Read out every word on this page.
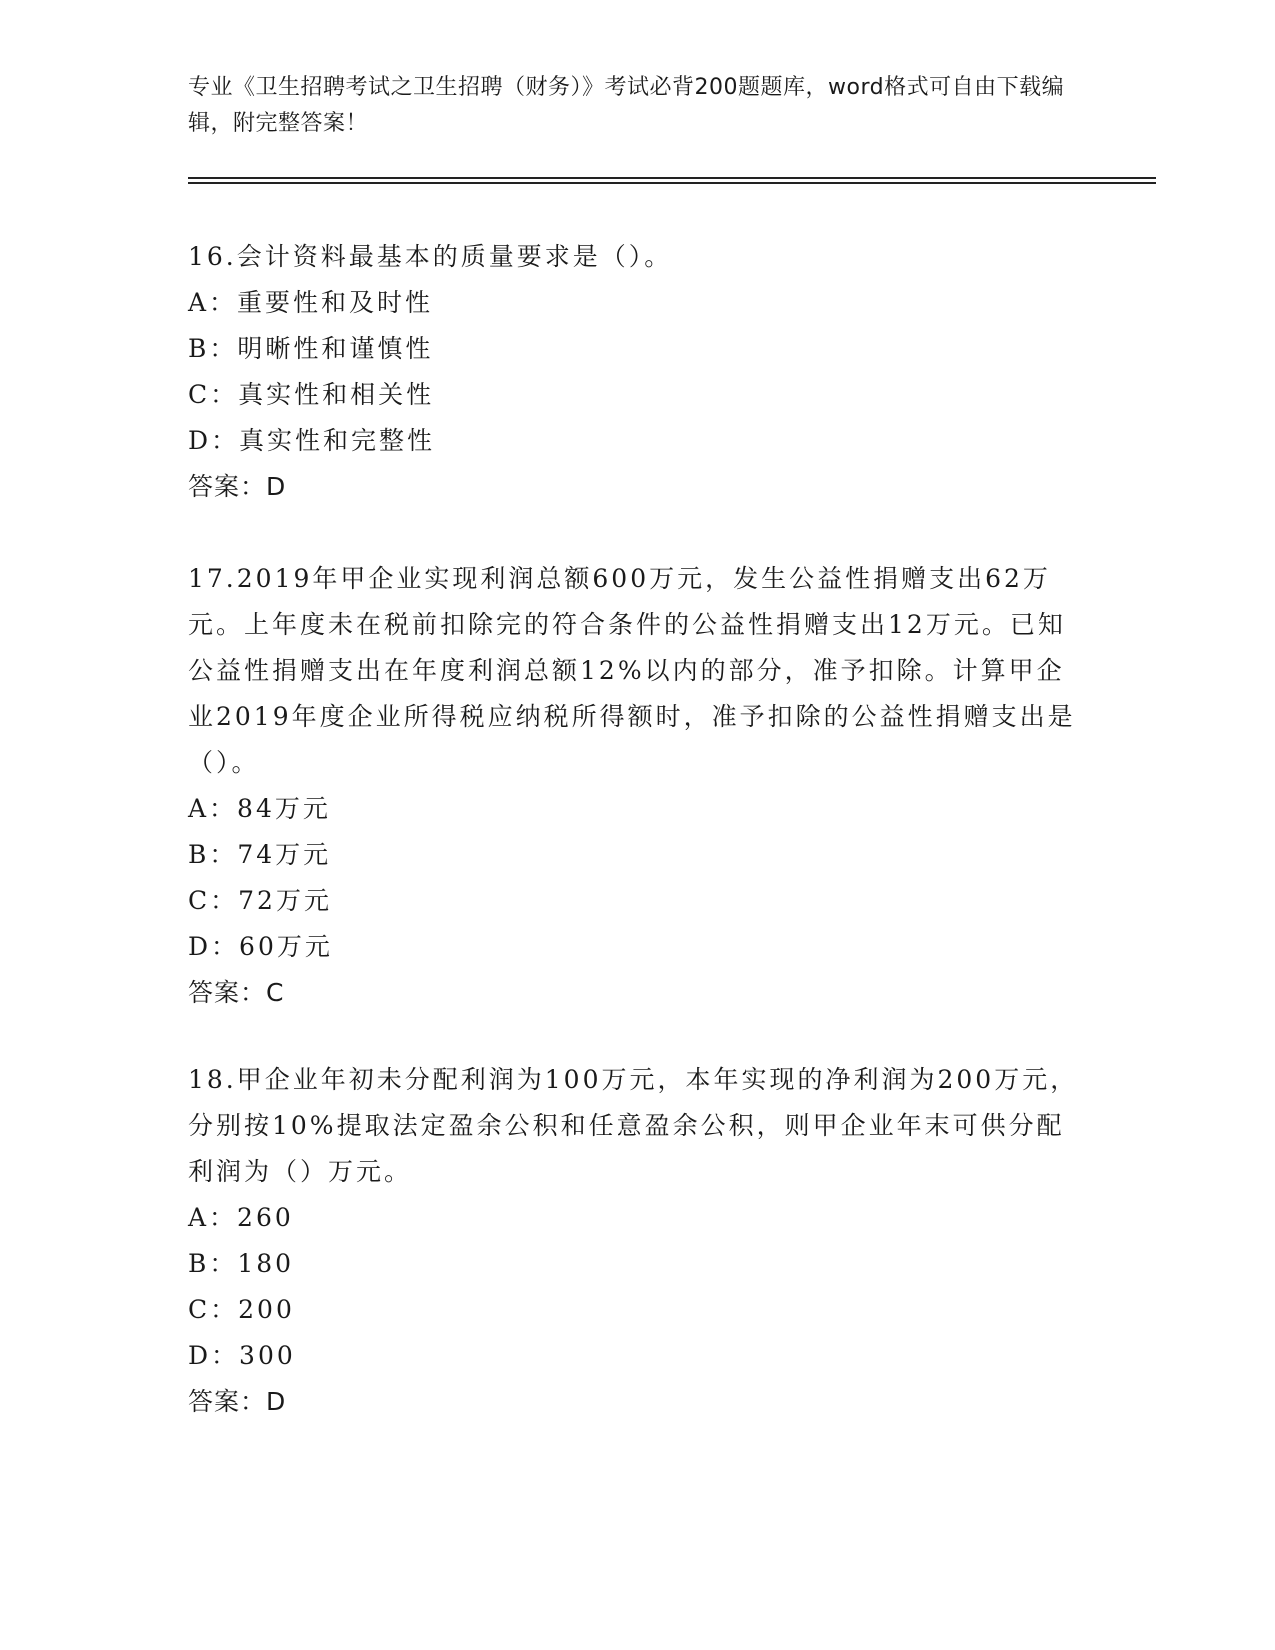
专业《卫生招聘考试之卫生招聘（财务）》考试必背200题题库，word格式可自由下载编辑，附完整答案！

16.会计资料最基本的质量要求是（）。

A：重要性和及时性

B：明晰性和谨慎性

C：真实性和相关性

D：真实性和完整性

答案：D

17.2019年甲企业实现利润总额600万元，发生公益性捐赠支出62万元。上年度未在税前扣除完的符合条件的公益性捐赠支出12万元。已知公益性捐赠支出在年度利润总额12%以内的部分，准予扣除。计算甲企业2019年度企业所得税应纳税所得额时，准予扣除的公益性捐赠支出是（）。

A：84万元

B：74万元

C：72万元

D：60万元

答案：C

18.甲企业年初未分配利润为100万元，本年实现的净利润为200万元，分别按10%提取法定盈余公积和任意盈余公积，则甲企业年末可供分配利润为（）万元。

A：260

B：180

C：200

D：300

答案：D
